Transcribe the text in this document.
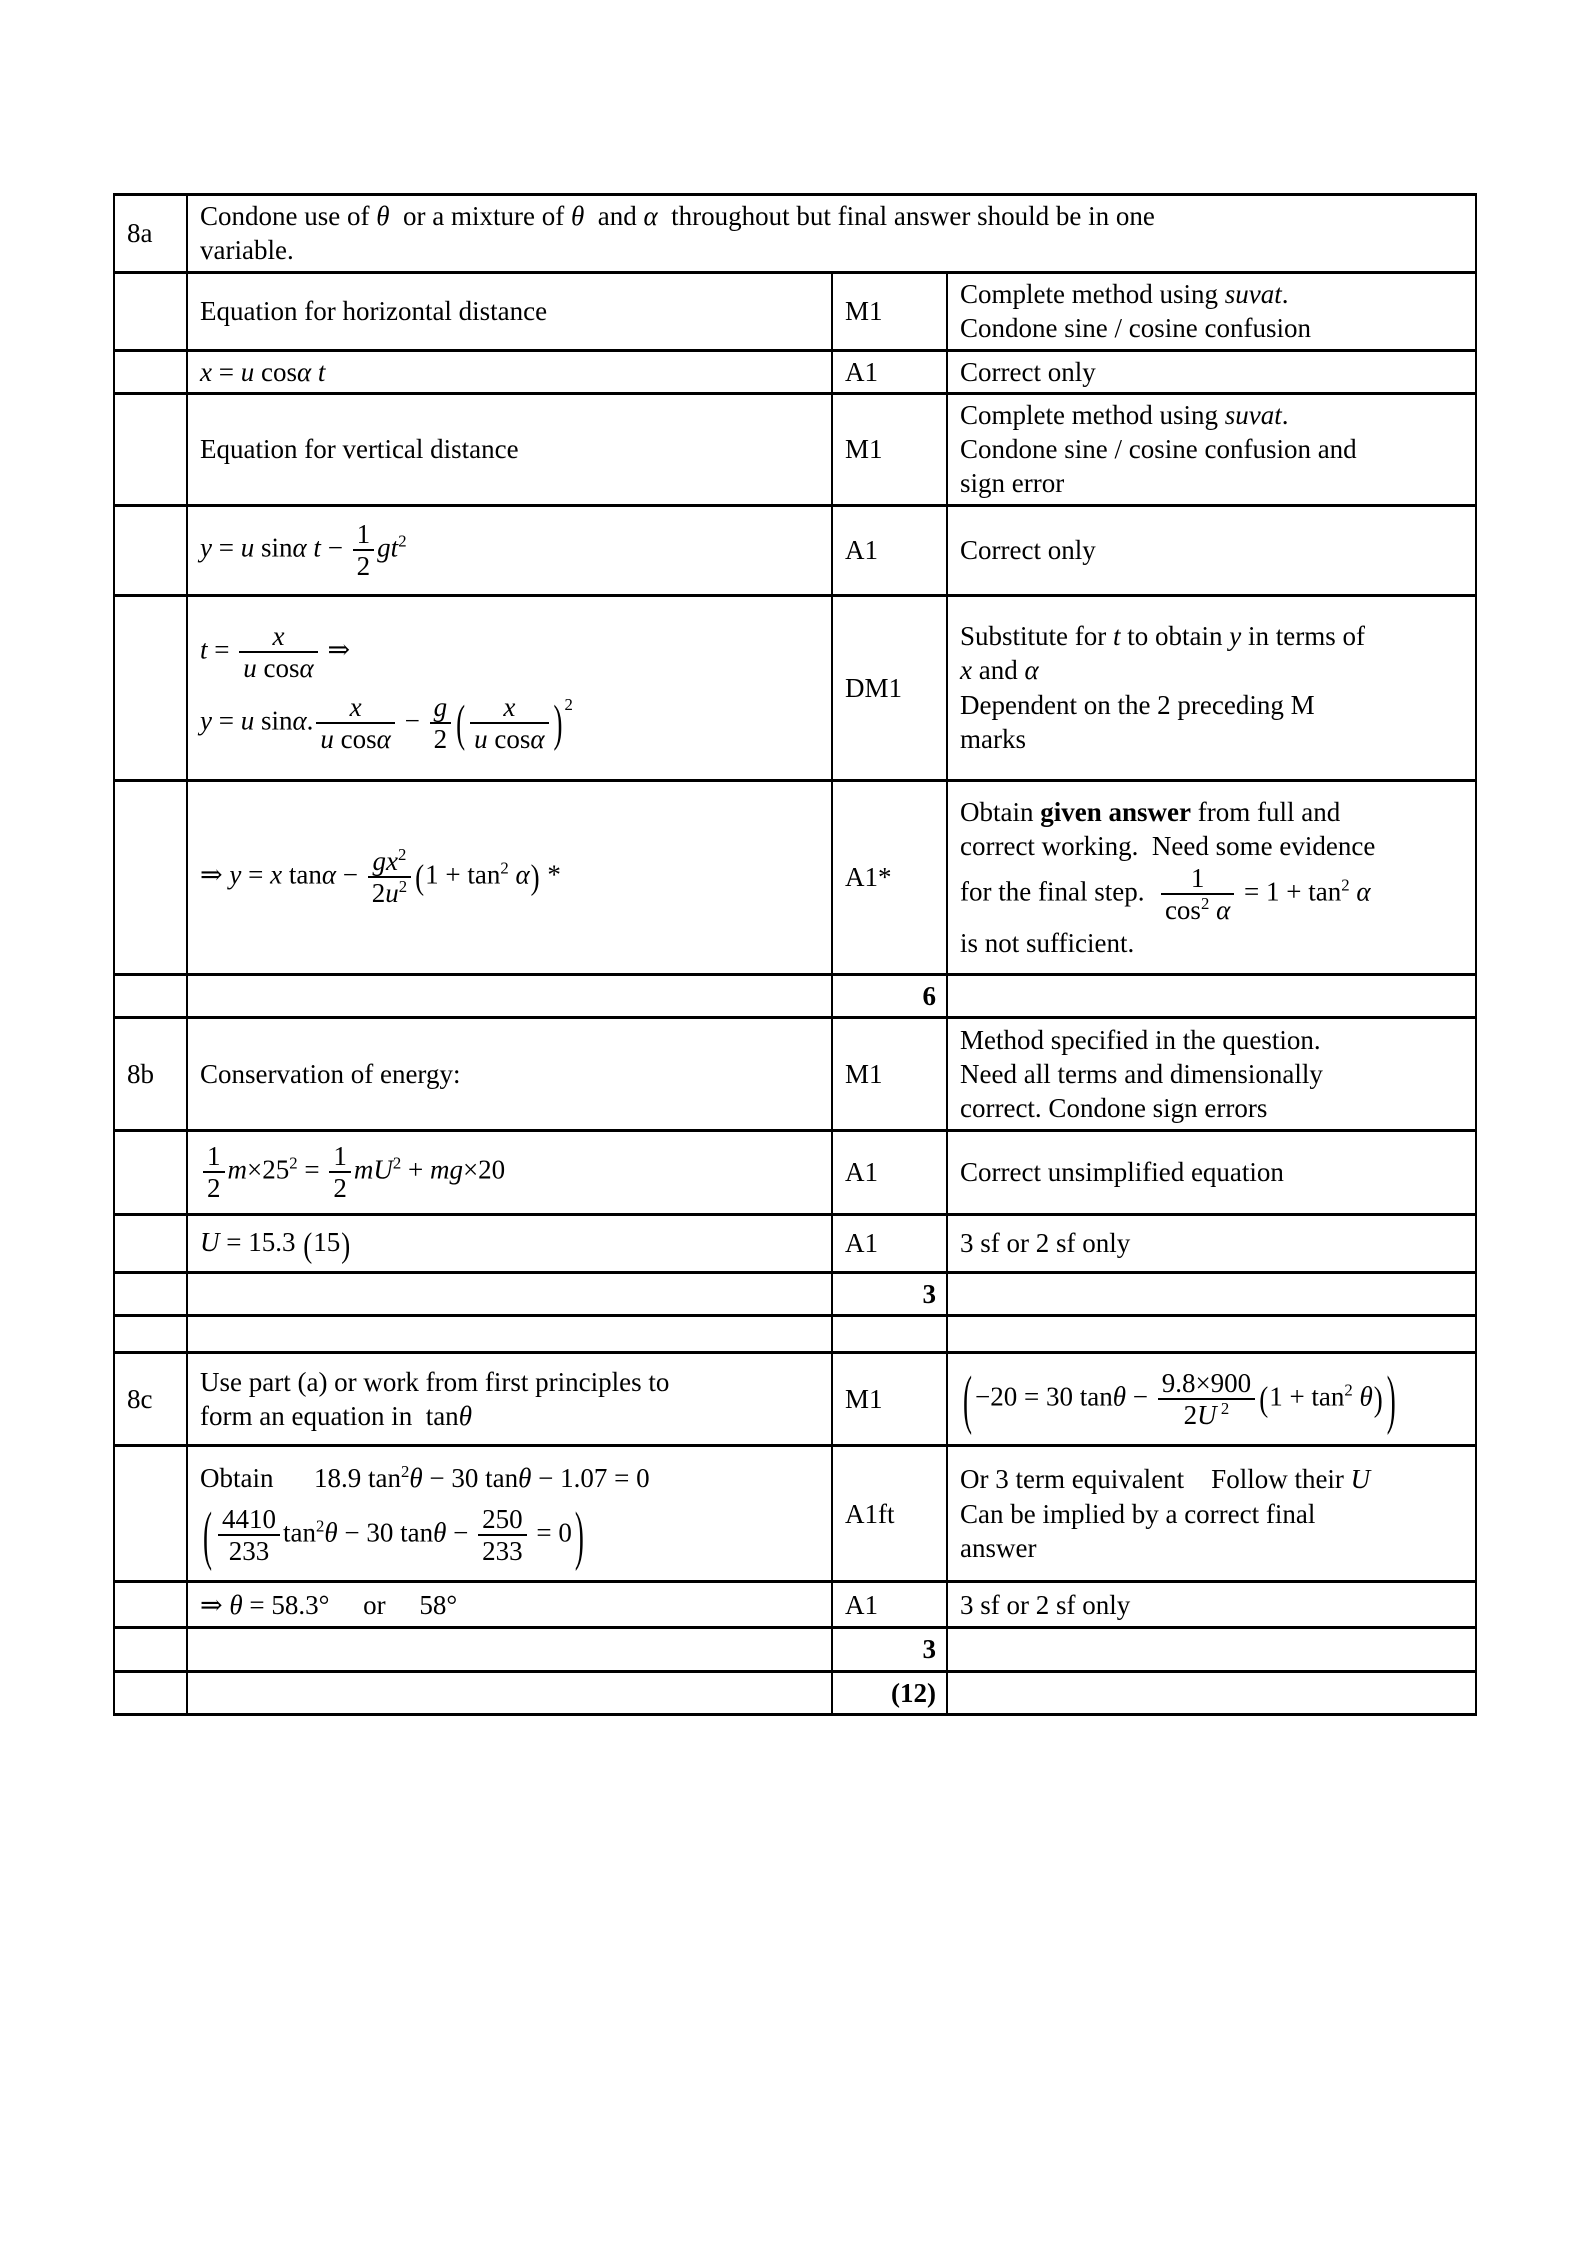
8a	Condone use of θ  or a mixture of θ  and α  throughout but final answer should be in one
variable.		
	Equation for horizontal distance	M1	Complete method using suvat.
Condone sine / cosine confusion
	x = u cosα t	A1	Correct only
	Equation for vertical distance	M1	Complete method using suvat.
Condone sine / cosine confusion and
sign error
	y = u sinα $t - \frac{1}{2} gt^2$	A1	Correct only

$t = \frac{x}{\text{u cosα}}$ ⇒
y = u sinα. $\frac{x}{\text{u cosα}} - \frac{g}{2}$ ( $\frac{x}{\text{u cosα}}$ ) $^2$
	DM1	Substitute for t to obtain y in terms of
x and α
Dependent on the 2 preceding M
marks
	⇒ y = x $\tan\alpha - \frac{gx^2}{2u^2} (1 + \tan^2 \alpha)$ *	A1*	Obtain given answer from full and
correct working.  Need some evidence
for the final step. $\frac{1}{\cos^2 \alpha} = 1 + \tan^2 \alpha$
is not sufficient.
		6	
8b	Conservation of energy:	M1	Method specified in the question.
Need all terms and dimensionally
correct. Condone sign errors

$\frac{1}{2} m\times 25^2 = \frac{1}{2} mU^2 + mg\times 20$	A1	Correct unsimplified equation
	U = 15.3 (15)	A1	3 sf or 2 sf only
		3	

8c	Use part (a) or work from first principles to
form an equation in  tanθ	M1	( −20 = 30 $\tan\theta - \frac{9.8\times 900}{2U ^2} (1 + \tan^2 \theta)$ )

Obtain  18.9 $\tan^2\theta - 30$ tanθ − 1.07 = 0
( $\frac{4410}{233} \tan^2\theta - 30$ $\tan\theta - \frac{250}{233} = 0$ )	A1ft	Or 3 term equivalent Follow their U
Can be implied by a correct final
answer
	⇒ θ = 58.3°  or  58°	A1	3 sf or 2 sf only
		3	
		(12)	
